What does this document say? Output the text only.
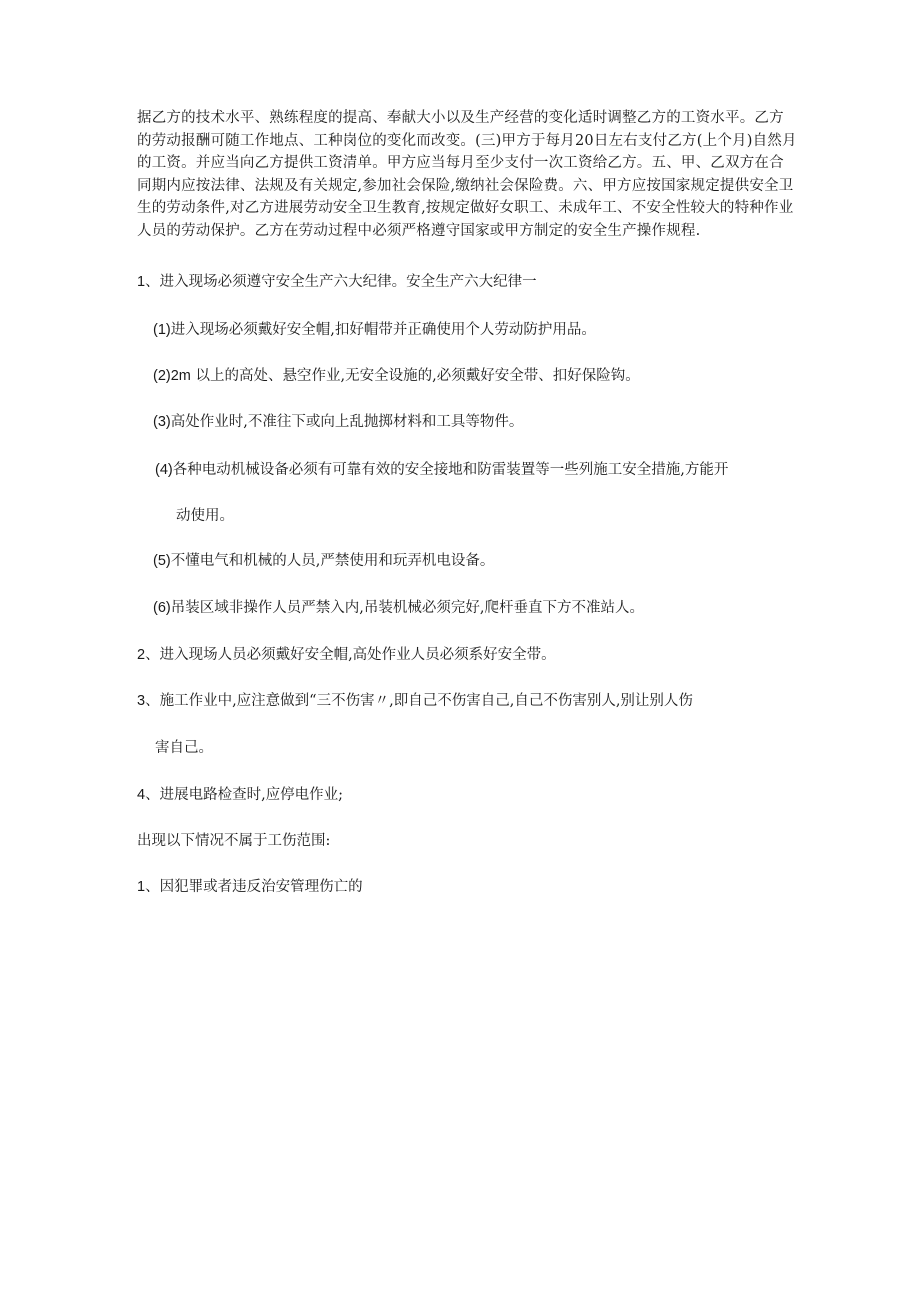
据乙方的技术水平、熟练程度的提高、奉献大小以及生产经营的变化适时调整乙方的工资水平。乙方的劳动报酬可随工作地点、工种岗位的变化而改变。(三)甲方于每月20日左右支付乙方(上个月)自然月的工资。并应当向乙方提供工资清单。甲方应当每月至少支付一次工资给乙方。五、甲、乙双方在合同期内应按法律、法规及有关规定,参加社会保险,缴纳社会保险费。六、甲方应按国家规定提供安全卫生的劳动条件,对乙方进展劳动安全卫生教育,按规定做好女职工、未成年工、不安全性较大的特种作业人员的劳动保护。乙方在劳动过程中必须严格遵守国家或甲方制定的安全生产操作规程.

1、进入现场必须遵守安全生产六大纪律。安全生产六大纪律一
(1)进入现场必须戴好安全帽,扣好帽带并正确使用个人劳动防护用品。
(2)2m 以上的高处、悬空作业,无安全设施的,必须戴好安全带、扣好保险钩。
(3)高处作业时,不准往下或向上乱抛掷材料和工具等物件。
(4)各种电动机械设备必须有可靠有效的安全接地和防雷装置等一些列施工安全措施,方能开
动使用。
(5)不懂电气和机械的人员,严禁使用和玩弄机电设备。
(6)吊装区域非操作人员严禁入内,吊装机械必须完好,爬杆垂直下方不准站人。
2、进入现场人员必须戴好安全帽,高处作业人员必须系好安全带。
3、施工作业中,应注意做到“三不伤害〃,即自己不伤害自己,自己不伤害别人,别让别人伤
害自己。
4、进展电路检查时,应停电作业;
出现以下情况不属于工伤范围:
1、因犯罪或者违反治安管理伤亡的
